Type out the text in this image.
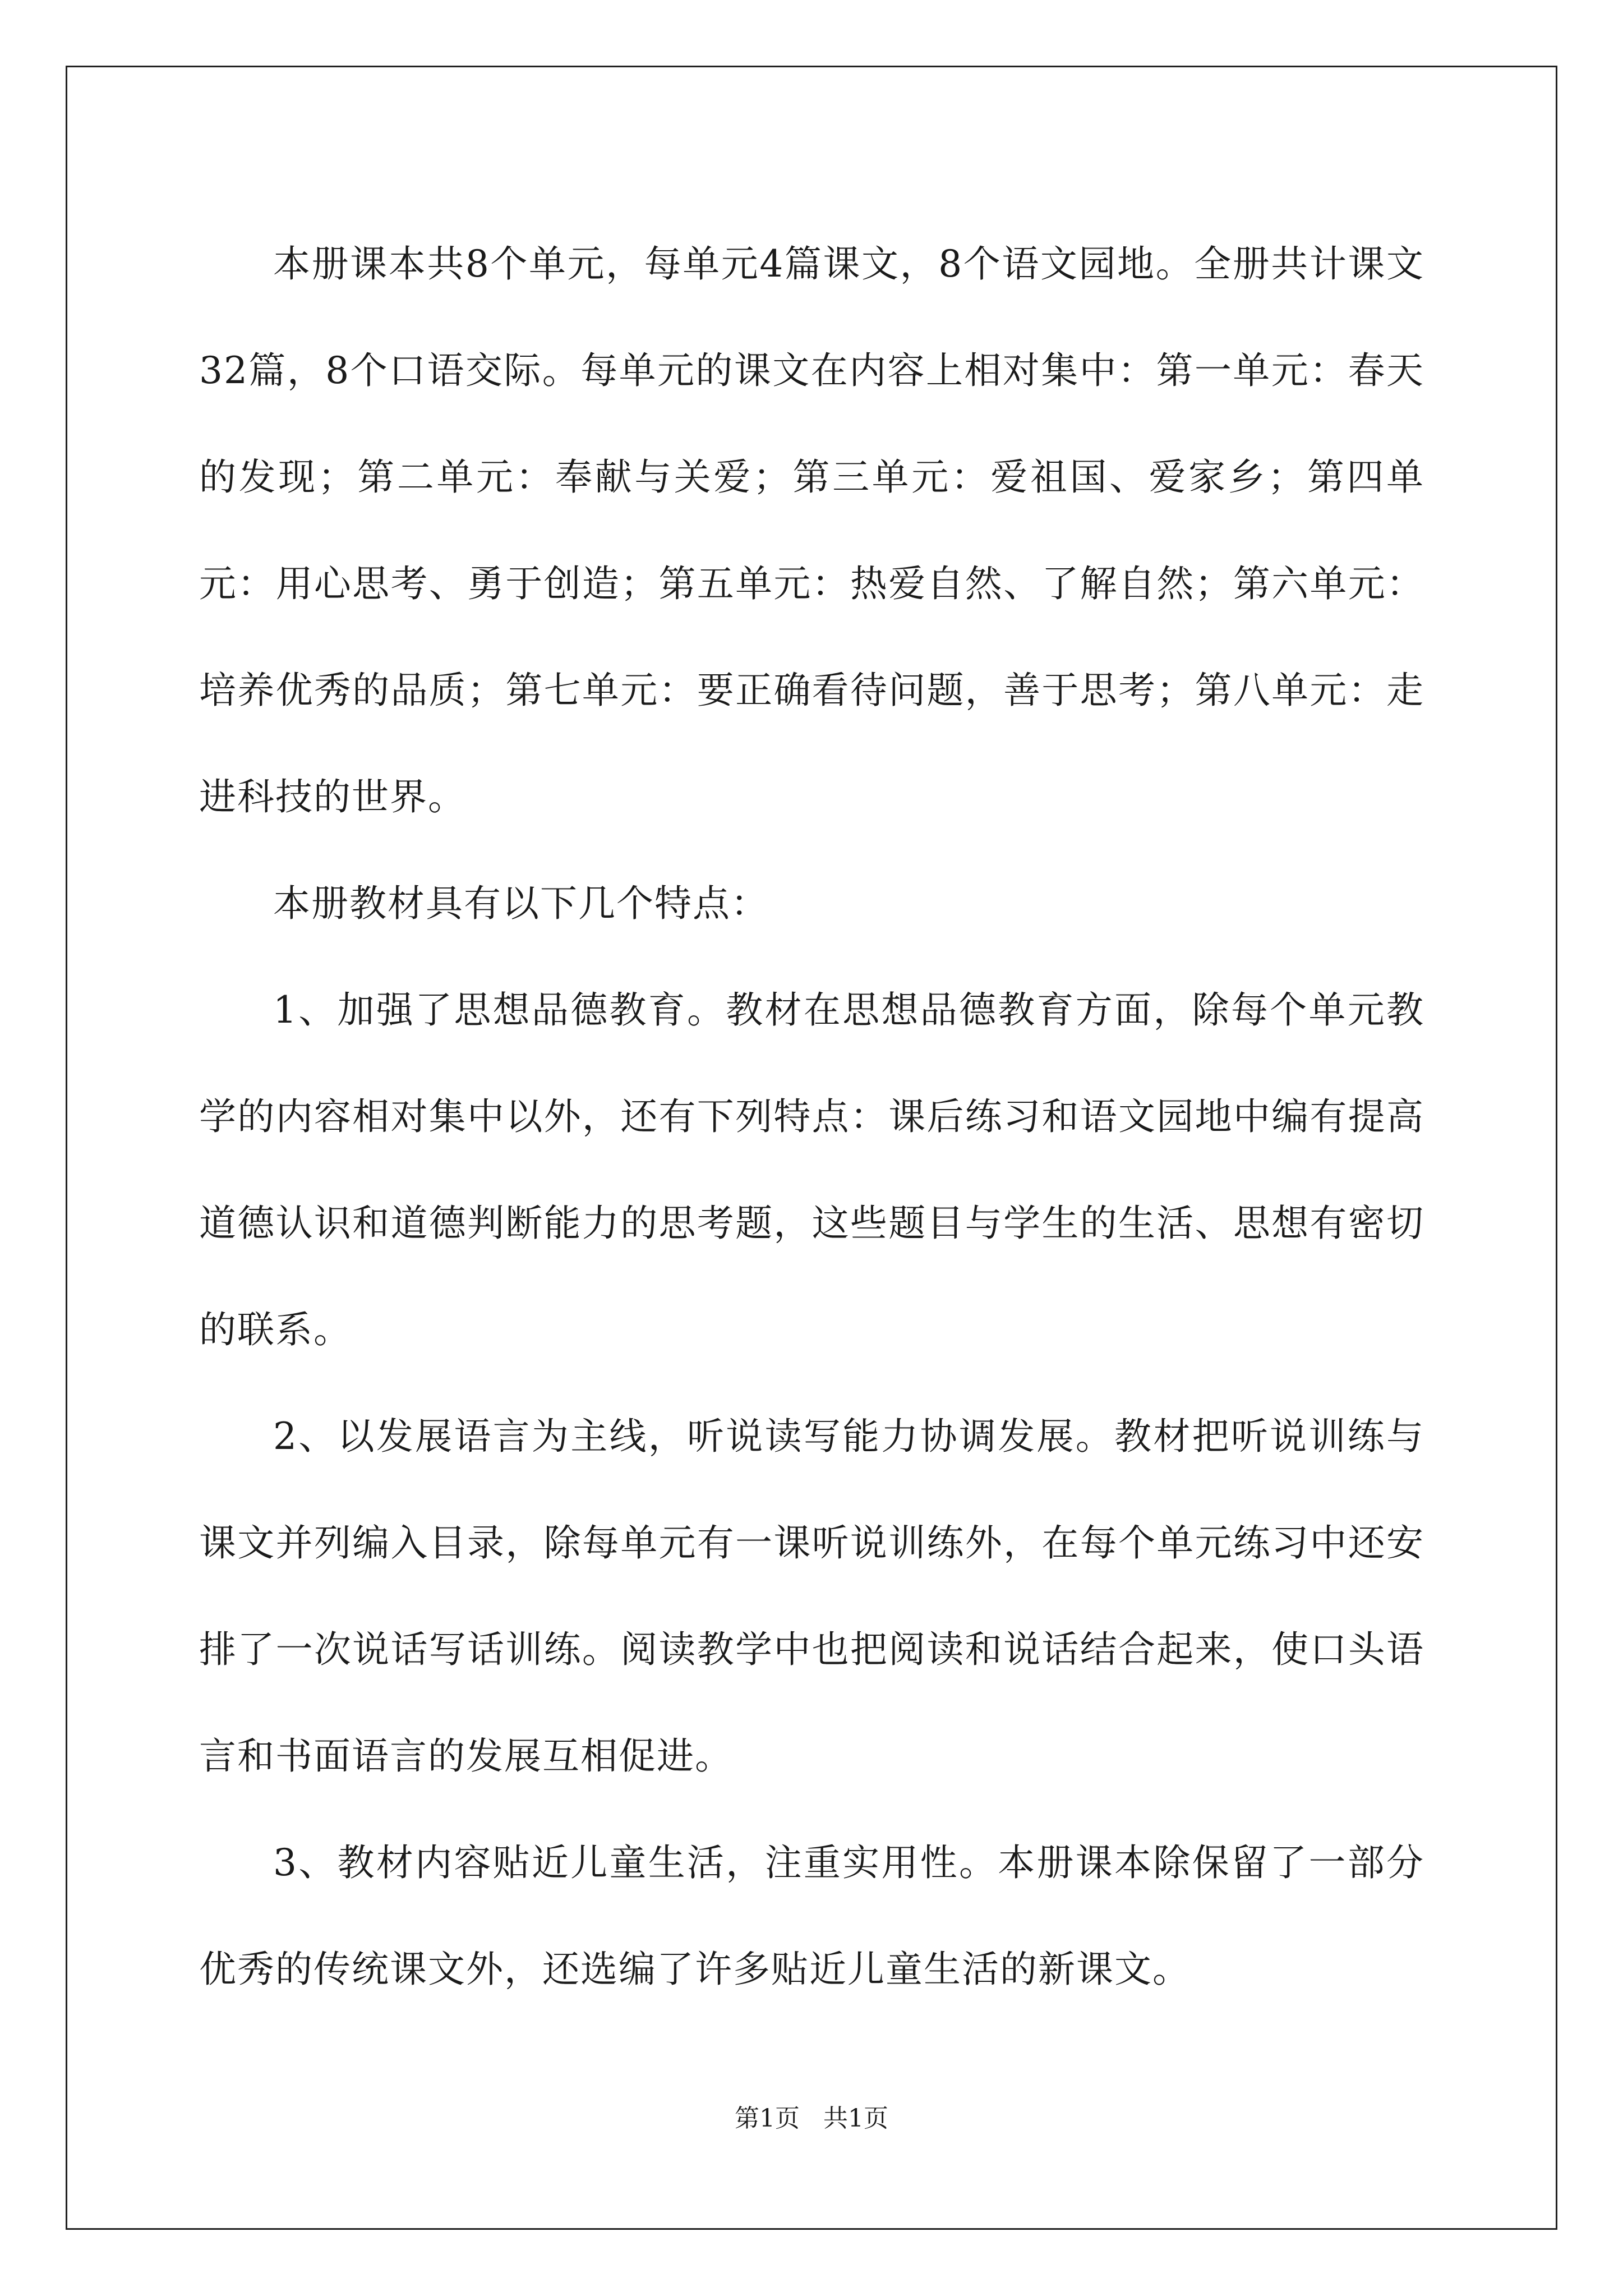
本册课本共8个单元，每单元4篇课文，8个语文园地。全册共计课文32篇，8个口语交际。每单元的课文在内容上相对集中：第一单元：春天的发现；第二单元：奉献与关爱；第三单元：爱祖国、爱家乡；第四单元：用心思考、勇于创造；第五单元：热爱自然、了解自然；第六单元：培养优秀的品质；第七单元：要正确看待问题，善于思考；第八单元：走进科技的世界。

本册教材具有以下几个特点：

1、加强了思想品德教育。教材在思想品德教育方面，除每个单元教学的内容相对集中以外，还有下列特点：课后练习和语文园地中编有提高道德认识和道德判断能力的思考题，这些题目与学生的生活、思想有密切的联系。

2、以发展语言为主线，听说读写能力协调发展。教材把听说训练与课文并列编入目录，除每单元有一课听说训练外，在每个单元练习中还安排了一次说话写话训练。阅读教学中也把阅读和说话结合起来，使口头语言和书面语言的发展互相促进。

3、教材内容贴近儿童生活，注重实用性。本册课本除保留了一部分优秀的传统课文外，还选编了许多贴近儿童生活的新课文。

第1页   共1页
